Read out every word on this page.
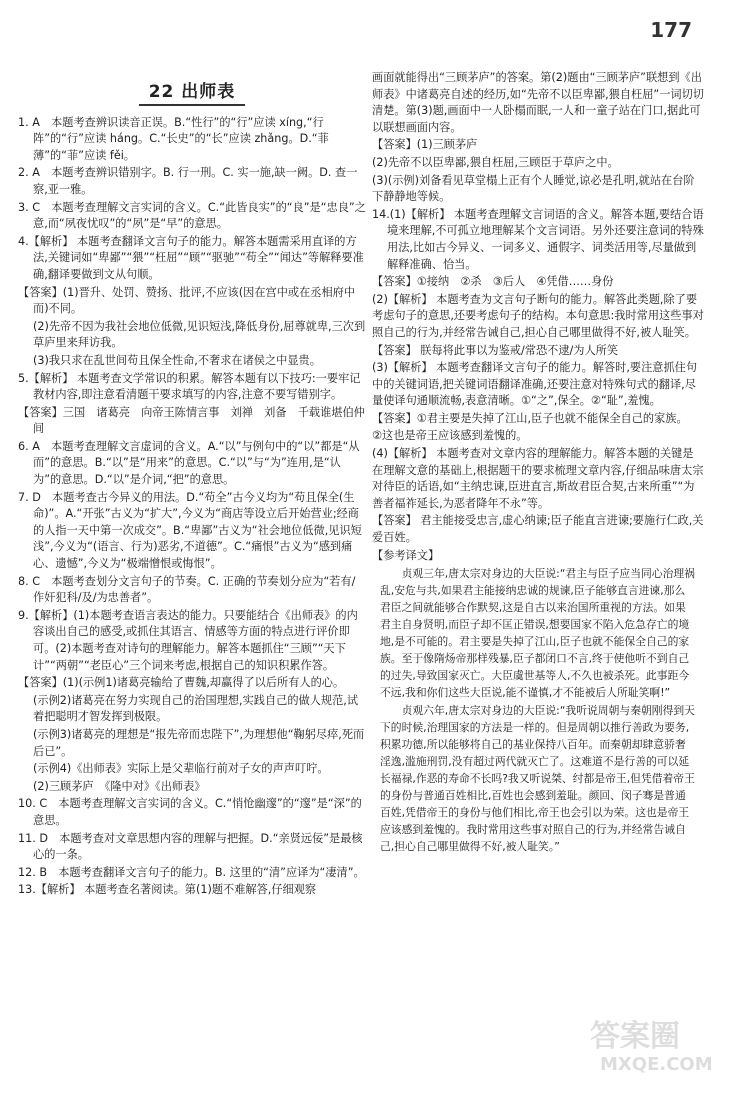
177
22 出师表
1. A　本题考查辨识读音正误。B.“性行”的“行”应读 xíng,“行阵”的“行”应读 háng。C.“长史”的“长”应读 zhǎng。D.“菲薄”的“菲”应读 fěi。
2. A　本题考查辨识错别字。B. 行一刑。C. 实一施,缺一阙。D. 查一察,亚一雅。
3. C　本题考查理解文言实词的含义。C.“此皆良实”的“良”是“忠良”之意,而“夙夜忧叹”的“夙”是“早”的意思。
4.【解析】 本题考查翻译文言句子的能力。解答本题需采用直译的方法,关键词如“卑鄙”“猥”“枉屈”“顾”“驱驰”“苟全”“闻达”等解释要准确,翻译要做到文从句顺。
【答案】(1)晋升、处罚、赞扬、批评,不应该(因在宫中或在丞相府中而)不同。
(2)先帝不因为我社会地位低微,见识短浅,降低身份,屈尊就卑,三次到草庐里来拜访我。
(3)我只求在乱世间苟且保全性命,不奢求在诸侯之中显贵。
5.【解析】 本题考查文学常识的积累。解答本题有以下技巧:一要牢记教材内容,即注意看清题干要求填写的内容,注意不要写错别字。
【答案】三国　诸葛亮　向帝王陈情言事　刘禅　刘备　千载谁堪伯仲间
6. A　本题考查理解文言虚词的含义。A.“以”与例句中的“以”都是“从而”的意思。B.“以”是“用来”的意思。C.“以”与“为”连用,是“认为”的意思。D.“以”是介词,“把”的意思。
7. D　本题考查古今异义的用法。D.“苟全”古今义均为“苟且保全(生命)”。A.“开张”古义为“扩大”,今义为“商店等设立后开始营业;经商的人指一天中第一次成交”。B.“卑鄙”古义为“社会地位低微,见识短浅”,今义为“(语言、行为)恶劣,不道德”。C.“痛恨”古义为“感到痛心、遗憾”,今义为“极端憎恨或悔恨”。
8. C　本题考查划分文言句子的节奏。C. 正确的节奏划分应为“若有/作奸犯科/及/为忠善者”。
9.【解析】(1)本题考查语言表达的能力。只要能结合《出师表》的内容谈出自己的感受,或抓住其语言、情感等方面的特点进行评价即可。(2)本题考查对诗句的理解能力。解答本题抓住“三顾”“天下计”“两朝”“老臣心”三个词来考虑,根据自己的知识积累作答。
【答案】(1)(示例1)诸葛亮输给了曹魏,却赢得了以后所有人的心。
(示例2)诸葛亮在努力实现自己的治国理想,实践自己的做人规范,试着把聪明才智发挥到极限。
(示例3)诸葛亮的理想是“报先帝而忠陛下”,为理想他“鞠躬尽瘁,死而后已”。
(示例4)《出师表》实际上是父辈临行前对子女的声声叮咛。
(2)三顾茅庐　《隆中对》《出师表》
10. C　本题考查理解文言实词的含义。C.“悄怆幽邃”的“邃”是“深”的意思。
11. D　本题考查对文章思想内容的理解与把握。D.“亲贤远佞”是最核心的一条。
12. B　本题考查翻译文言句子的能力。B. 这里的“清”应译为“凄清”。
13.【解析】 本题考查名著阅读。第(1)题不难解答,仔细观察
画面就能得出“三顾茅庐”的答案。第(2)题由“三顾茅庐”联想到《出师表》中诸葛亮自述的经历,如“先帝不以臣卑鄙,猥自枉屈”一词切切清楚。第(3)题,画面中一人卧榻而眠,一人和一童子站在门口,据此可以联想画面内容。
【答案】(1)三顾茅庐
(2)先帝不以臣卑鄙,猥自枉屈,三顾臣于草庐之中。
(3)(示例)刘备看见草堂榻上正有个人睡觉,谅必是孔明,就站在台阶下静静地等候。
14.(1)【解析】 本题考查理解文言词语的含义。解答本题,要结合语境来理解,不可孤立地理解某个文言词语。另外还要注意词的特殊用法,比如古今异义、一词多义、通假字、词类活用等,尽量做到解释准确、恰当。
【答案】①接纳　②杀　③后人　④凭借……身份
(2)【解析】 本题考查为文言句子断句的能力。解答此类题,除了要考虑句子的意思,还要考虑句子的结构。本句意思:我时常用这些事对照自己的行为,并经常告诫自己,担心自己哪里做得不好,被人耻笑。
【答案】 朕每将此事以为鉴戒/常恐不逮/为人所笑
(3)【解析】 本题考查翻译文言句子的能力。解答时,要注意抓住句中的关键词语,把关键词语翻译准确,还要注意对特殊句式的翻译,尽量使译句通顺流畅,表意清晰。①“之”,保全。②“耻”,羞愧。
【答案】①君主要是失掉了江山,臣子也就不能保全自己的家族。
②这也是帝王应该感到羞愧的。
(4)【解析】 本题考查对文章内容的理解能力。解答本题的关键是在理解文意的基础上,根据题干的要求梳理文章内容,仔细品味唐太宗对待臣的话语,如“主纳忠谏,臣进直言,斯故君臣合契,古来所重”“为善者福祚延长,为恶者降年不永”等。
【答案】 君主能接受忠言,虚心纳谏;臣子能直言进谏;要施行仁政,关爱百姓。
【参考译文】
贞观三年,唐太宗对身边的大臣说:“君主与臣子应当同心治理祸乱,安危与共,如果君主能接纳忠诚的规谏,臣子能够直言进谏,那么君臣之间就能够合作默契,这是自古以来治国所重视的方法。如果君主自身贤明,而臣子却不匡正错误,想要国家不陷入危急存亡的境地,是不可能的。君主要是失掉了江山,臣子也就不能保全自己的家族。至于像隋炀帝那样残暴,臣子都闭口不言,终于使他听不到自己的过失,导致国家灭亡。大臣虞世基等人,不久也被杀死。此事距今不远,我和你们这些大臣说,能不谨慎,才不能被后人所耻笑啊!”
贞观六年,唐太宗对身边的大臣说:“我听说周朝与秦朝刚得到天下的时候,治理国家的方法是一样的。但是周朝以推行善政为要务,积累功德,所以能够将自己的基业保持八百年。而秦朝却肆意骄奢淫逸,滥施刑罚,没有超过两代就灭亡了。这难道不是行善的可以延长福禄,作恶的寿命不长吗?我又听说桀、纣都是帝王,但凭借着帝王的身份与普通百姓相比,百姓也会感到羞耻。颜回、闵子骞是普通百姓,凭借帝王的身份与他们相比,帝王也会引以为荣。这也是帝王应该感到羞愧的。我时常用这些事对照自己的行为,并经常告诫自己,担心自己哪里做得不好,被人耻笑。”
答案圈
MXQE.COM
